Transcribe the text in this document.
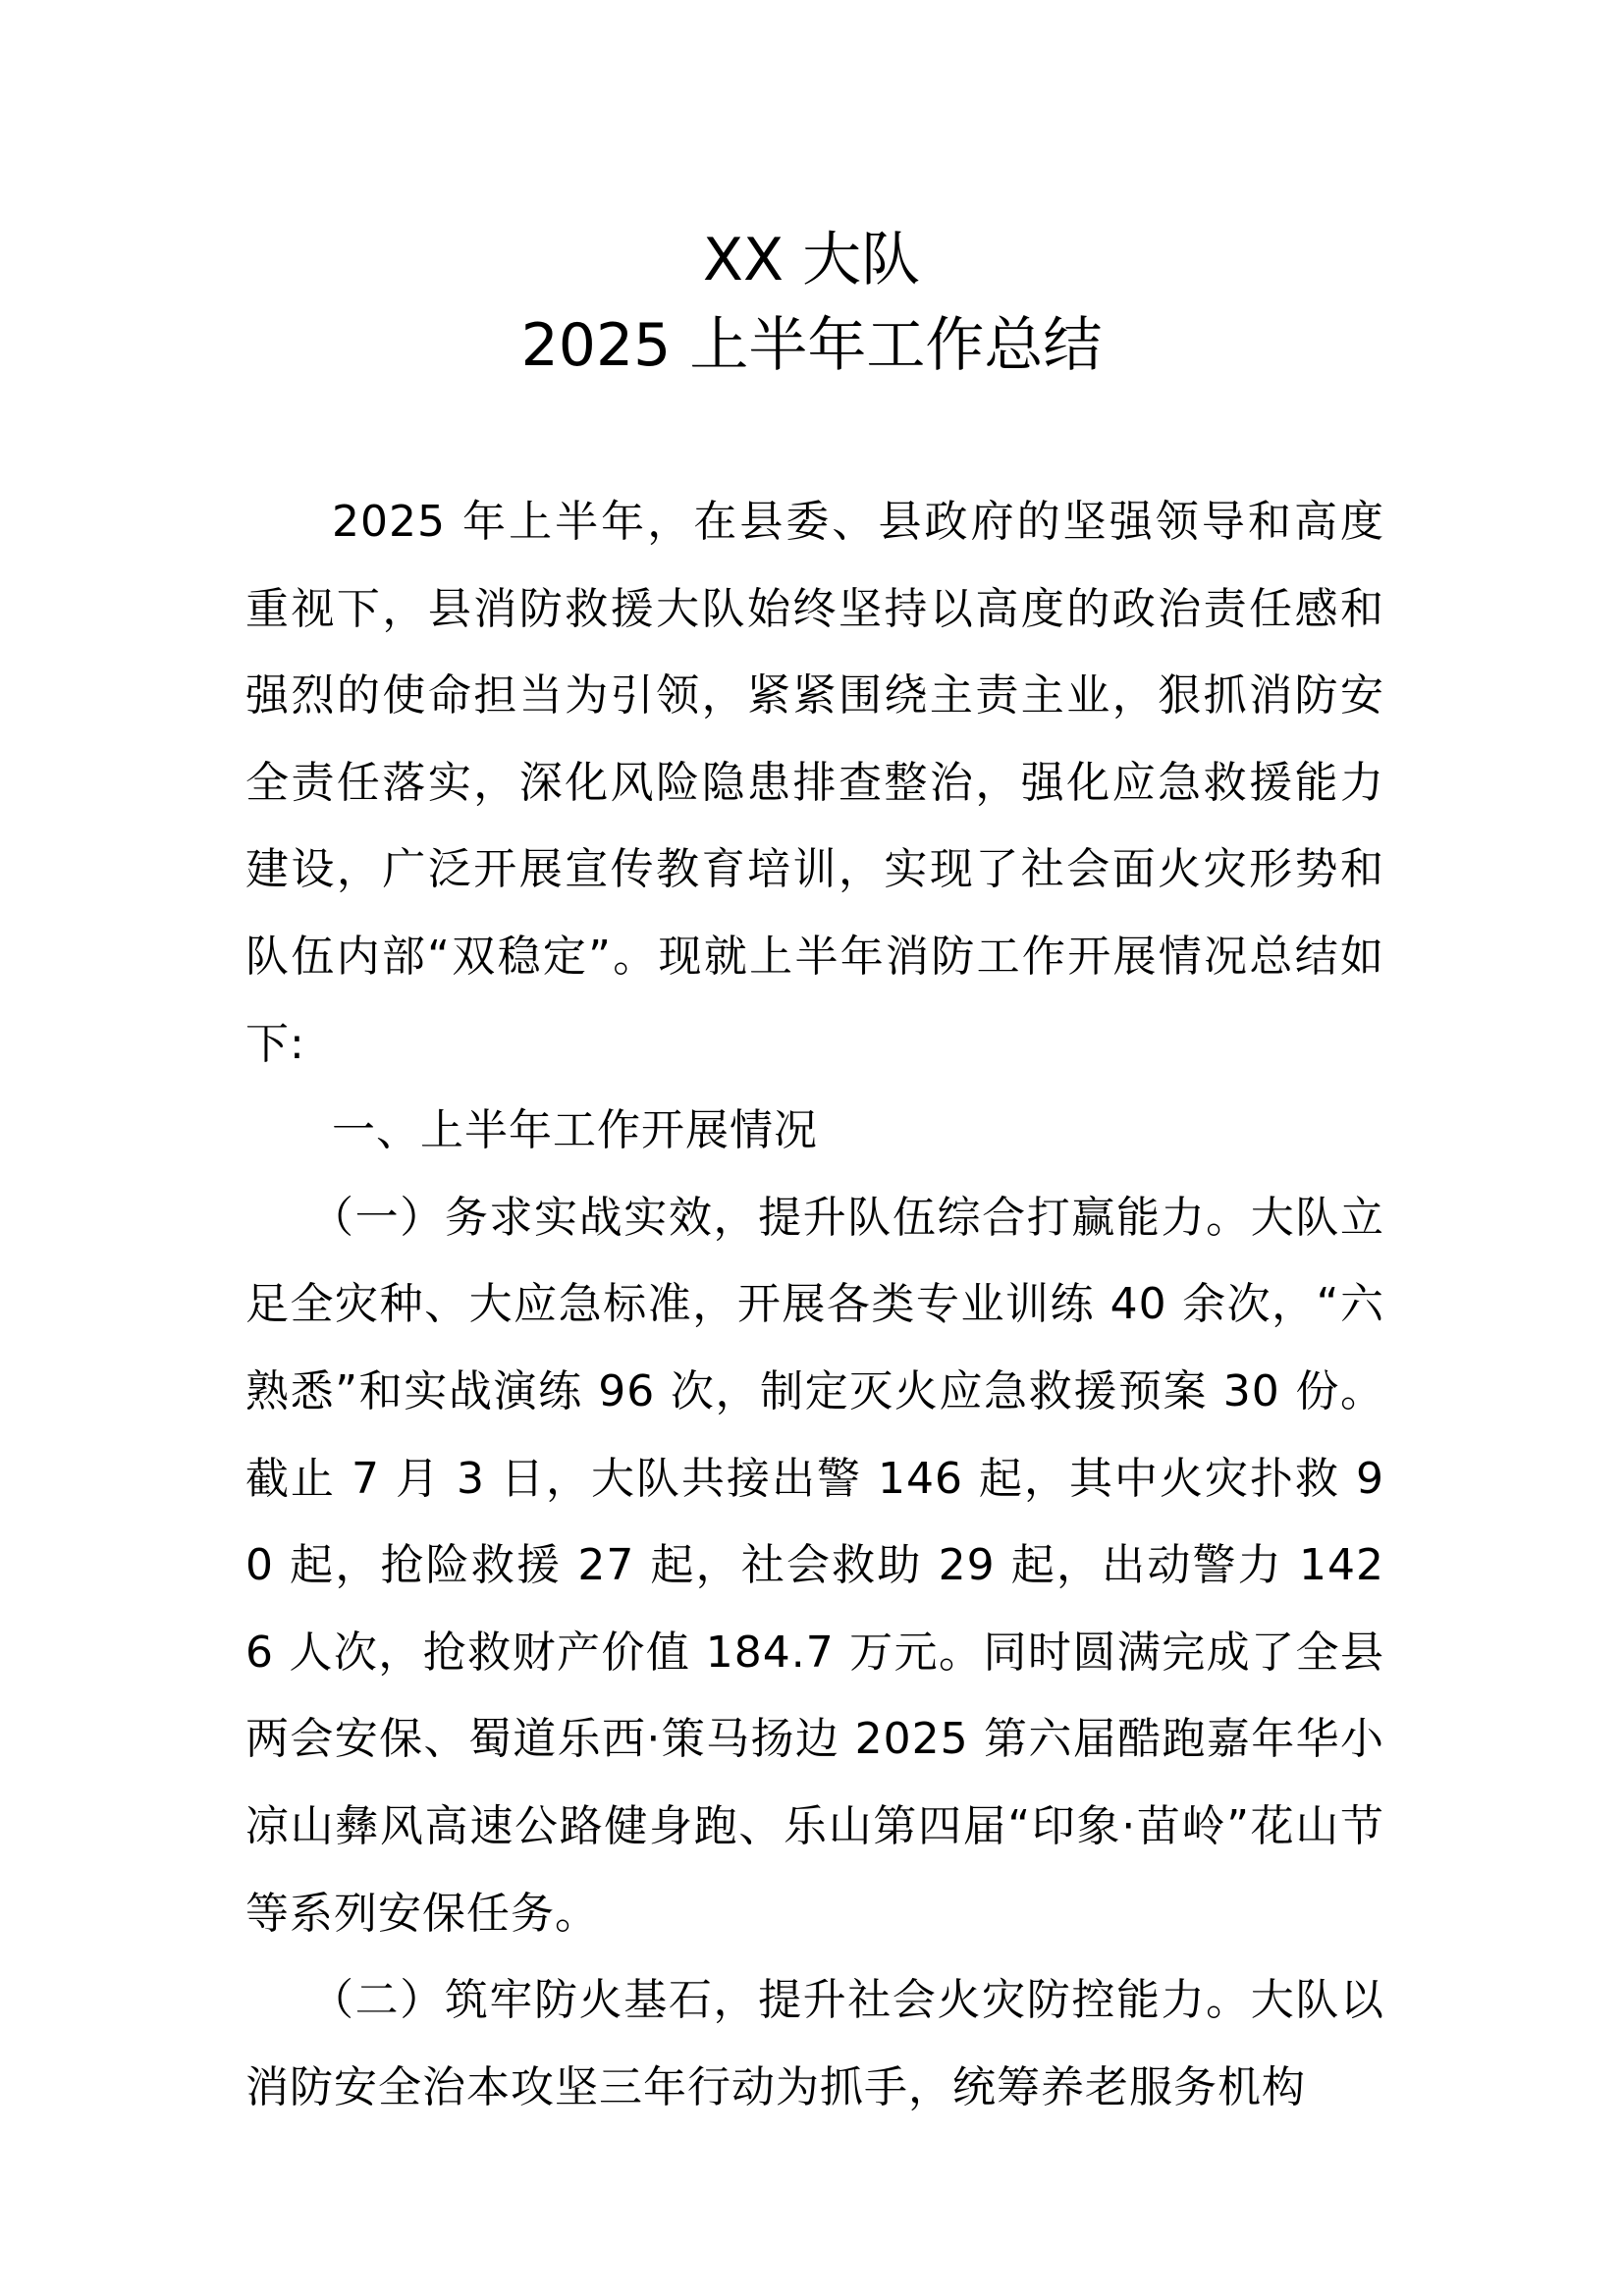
XX 大队
2025 上半年工作总结

2025 年上半年，在县委、县政府的坚强领导和高度重视下，县消防救援大队始终坚持以高度的政治责任感和强烈的使命担当为引领，紧紧围绕主责主业，狠抓消防安全责任落实，深化风险隐患排查整治，强化应急救援能力建设，广泛开展宣传教育培训，实现了社会面火灾形势和队伍内部“双稳定”。现就上半年消防工作开展情况总结如下:

一、上半年工作开展情况

（一）务求实战实效，提升队伍综合打赢能力。大队立足全灾种、大应急标准，开展各类专业训练 40 余次，“六熟悉”和实战演练 96 次，制定灭火应急救援预案 30 份。截止 7 月 3 日，大队共接出警 146 起，其中火灾扑救 90 起，抢险救援 27 起，社会救助 29 起，出动警力 1426 人次，抢救财产价值 184.7 万元。同时圆满完成了全县两会安保、蜀道乐西·策马扬边 2025 第六届酷跑嘉年华小凉山彝风高速公路健身跑、乐山第四届“印象·苗岭”花山节等系列安保任务。

（二）筑牢防火基石，提升社会火灾防控能力。大队以消防安全治本攻坚三年行动为抓手，统筹养老服务机构
